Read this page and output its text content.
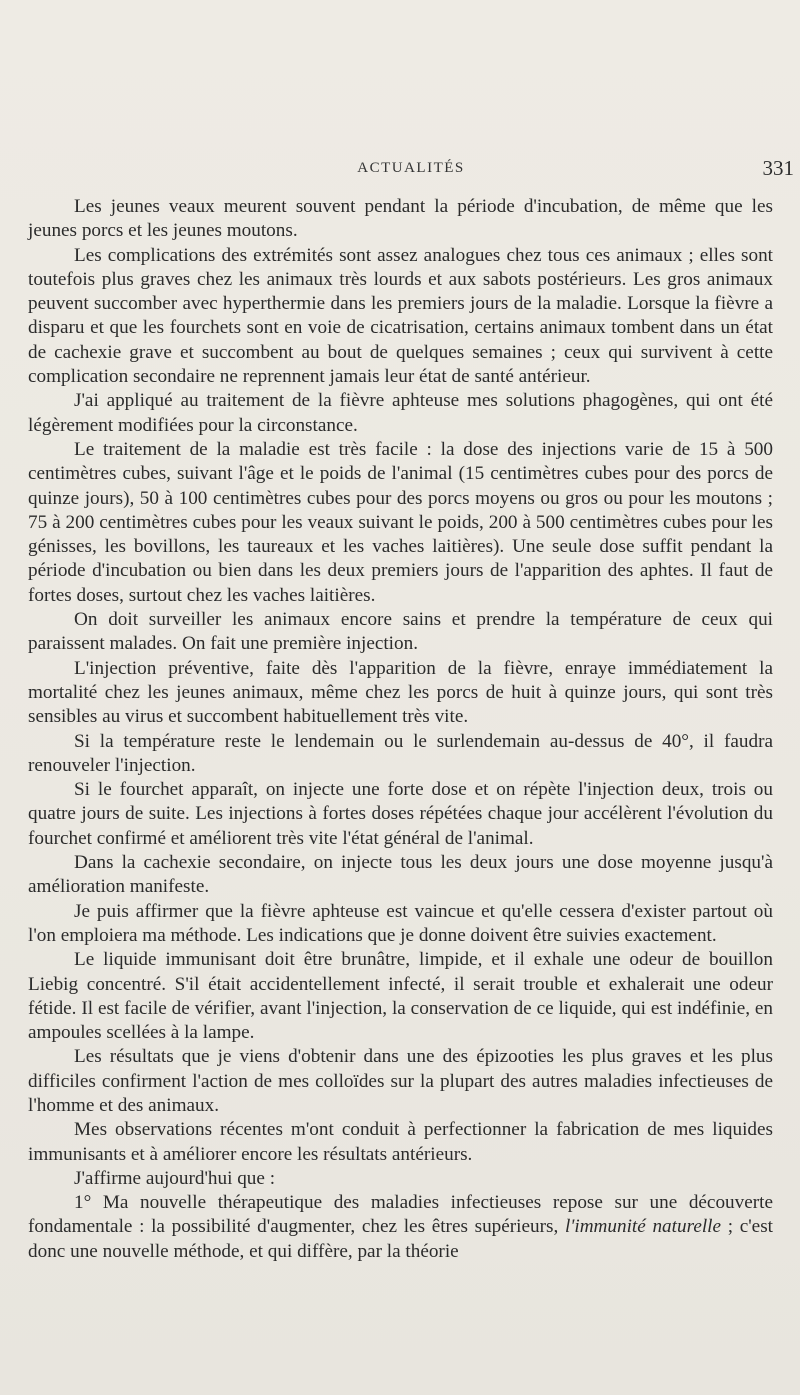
ACTUALITÉS	331

Les jeunes veaux meurent souvent pendant la période d'incubation, de même que les jeunes porcs et les jeunes moutons.

Les complications des extrémités sont assez analogues chez tous ces animaux ; elles sont toutefois plus graves chez les animaux très lourds et aux sabots postérieurs. Les gros animaux peuvent succomber avec hyperthermie dans les premiers jours de la maladie. Lorsque la fièvre a disparu et que les fourchets sont en voie de cicatrisation, certains animaux tombent dans un état de cachexie grave et succombent au bout de quelques semaines ; ceux qui survivent à cette complication secondaire ne reprennent jamais leur état de santé antérieur.

J'ai appliqué au traitement de la fièvre aphteuse mes solutions phagogènes, qui ont été légèrement modifiées pour la circonstance.

Le traitement de la maladie est très facile : la dose des injections varie de 15 à 500 centimètres cubes, suivant l'âge et le poids de l'animal (15 centimètres cubes pour des porcs de quinze jours), 50 à 100 centimètres cubes pour des porcs moyens ou gros ou pour les moutons ; 75 à 200 centimètres cubes pour les veaux suivant le poids, 200 à 500 centimètres cubes pour les génisses, les bovillons, les taureaux et les vaches laitières). Une seule dose suffit pendant la période d'incubation ou bien dans les deux premiers jours de l'apparition des aphtes. Il faut de fortes doses, surtout chez les vaches laitières.

On doit surveiller les animaux encore sains et prendre la température de ceux qui paraissent malades. On fait une première injection.

L'injection préventive, faite dès l'apparition de la fièvre, enraye immédiatement la mortalité chez les jeunes animaux, même chez les porcs de huit à quinze jours, qui sont très sensibles au virus et succombent habituellement très vite.

Si la température reste le lendemain ou le surlendemain au-dessus de 40°, il faudra renouveler l'injection.

Si le fourchet apparaît, on injecte une forte dose et on répète l'injection deux, trois ou quatre jours de suite. Les injections à fortes doses répétées chaque jour accélèrent l'évolution du fourchet confirmé et améliorent très vite l'état général de l'animal.

Dans la cachexie secondaire, on injecte tous les deux jours une dose moyenne jusqu'à amélioration manifeste.

Je puis affirmer que la fièvre aphteuse est vaincue et qu'elle cessera d'exister partout où l'on emploiera ma méthode. Les indications que je donne doivent être suivies exactement.

Le liquide immunisant doit être brunâtre, limpide, et il exhale une odeur de bouillon Liebig concentré. S'il était accidentellement infecté, il serait trouble et exhalerait une odeur fétide. Il est facile de vérifier, avant l'injection, la conservation de ce liquide, qui est indéfinie, en ampoules scellées à la lampe.

Les résultats que je viens d'obtenir dans une des épizooties les plus graves et les plus difficiles confirment l'action de mes colloïdes sur la plupart des autres maladies infectieuses de l'homme et des animaux.

Mes observations récentes m'ont conduit à perfectionner la fabrication de mes liquides immunisants et à améliorer encore les résultats antérieurs.

J'affirme aujourd'hui que :

1° Ma nouvelle thérapeutique des maladies infectieuses repose sur une découverte fondamentale : la possibilité d'augmenter, chez les êtres supérieurs, l'immunité naturelle ; c'est donc une nouvelle méthode, et qui diffère, par la théorie
